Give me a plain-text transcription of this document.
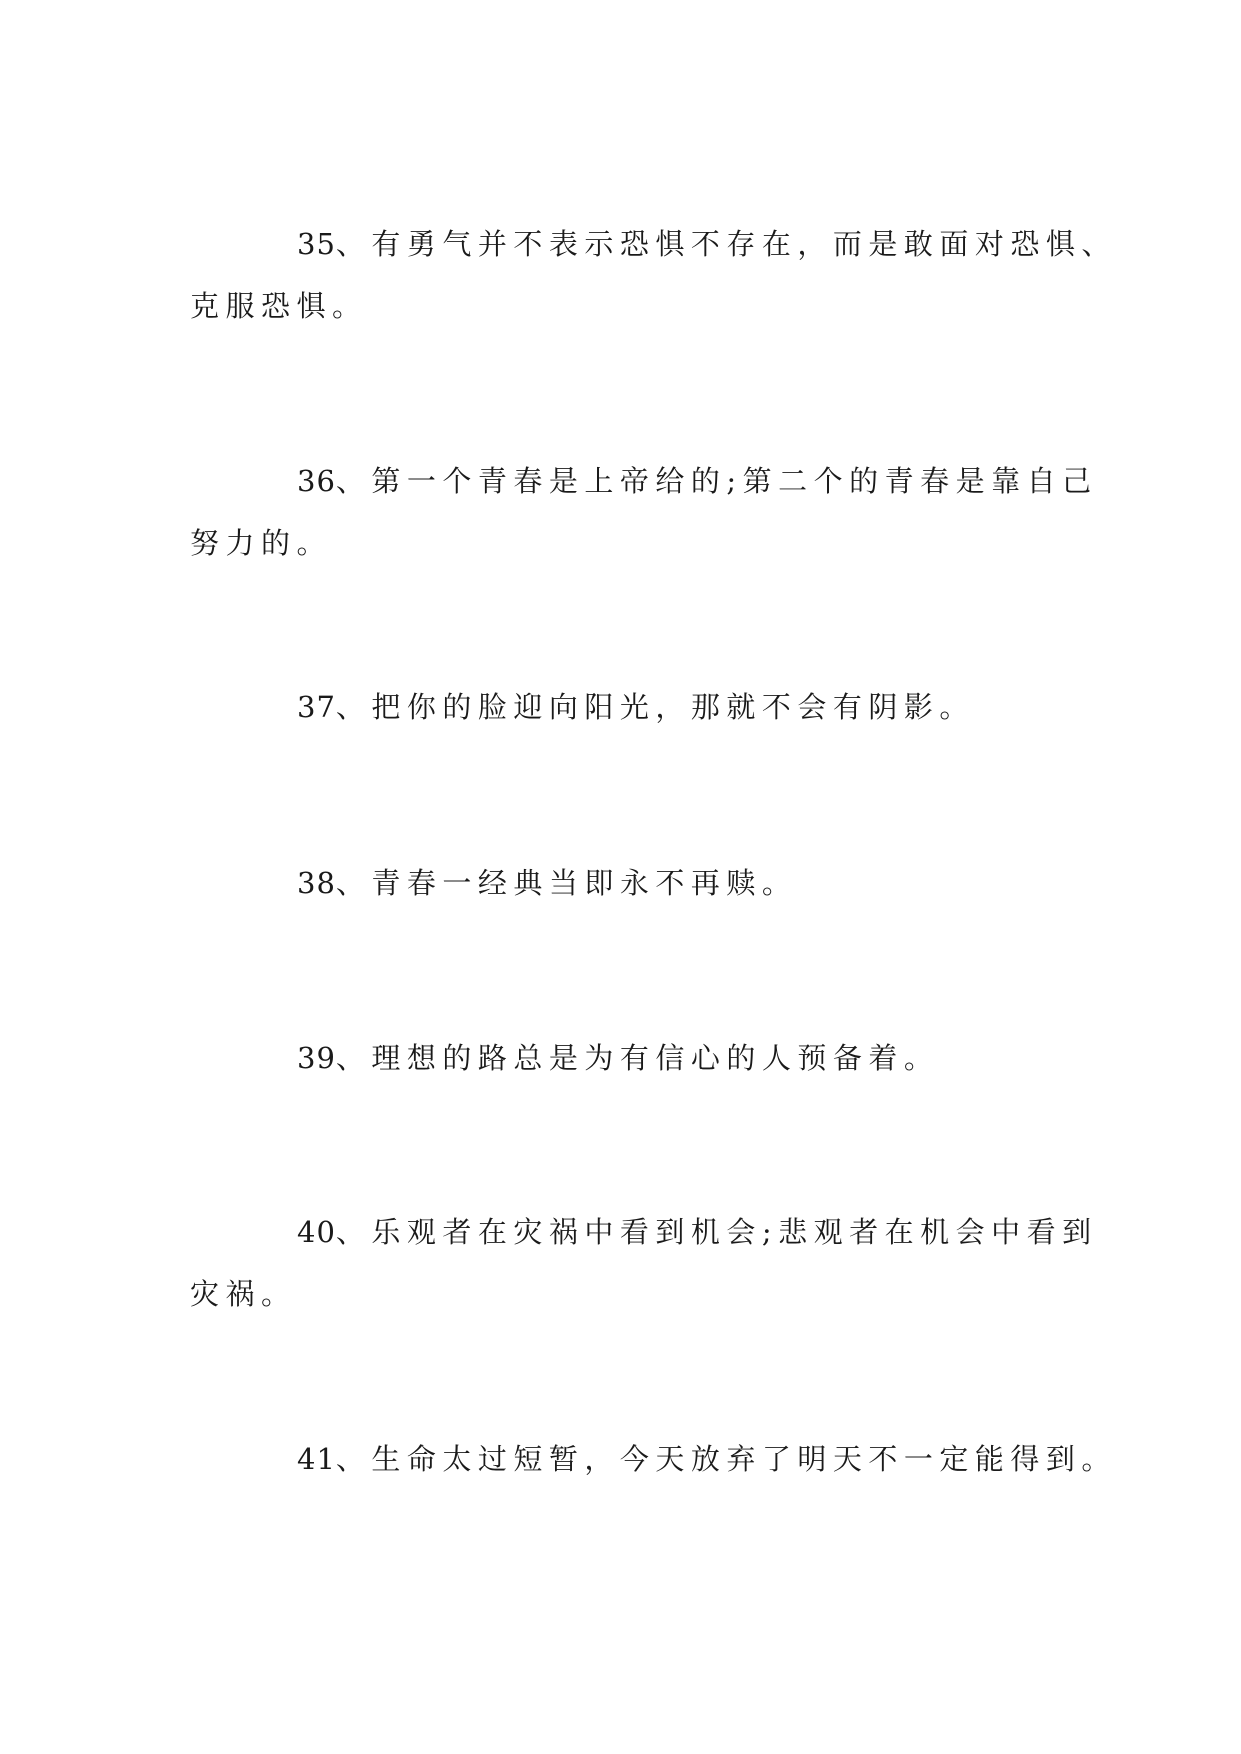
35、有勇气并不表示恐惧不存在，而是敢面对恐惧、
克服恐惧。
36、第一个青春是上帝给的;第二个的青春是靠自己
努力的。
37、把你的脸迎向阳光，那就不会有阴影。
38、青春一经典当即永不再赎。
39、理想的路总是为有信心的人预备着。
40、乐观者在灾祸中看到机会;悲观者在机会中看到
灾祸。
41、生命太过短暂，今天放弃了明天不一定能得到。
